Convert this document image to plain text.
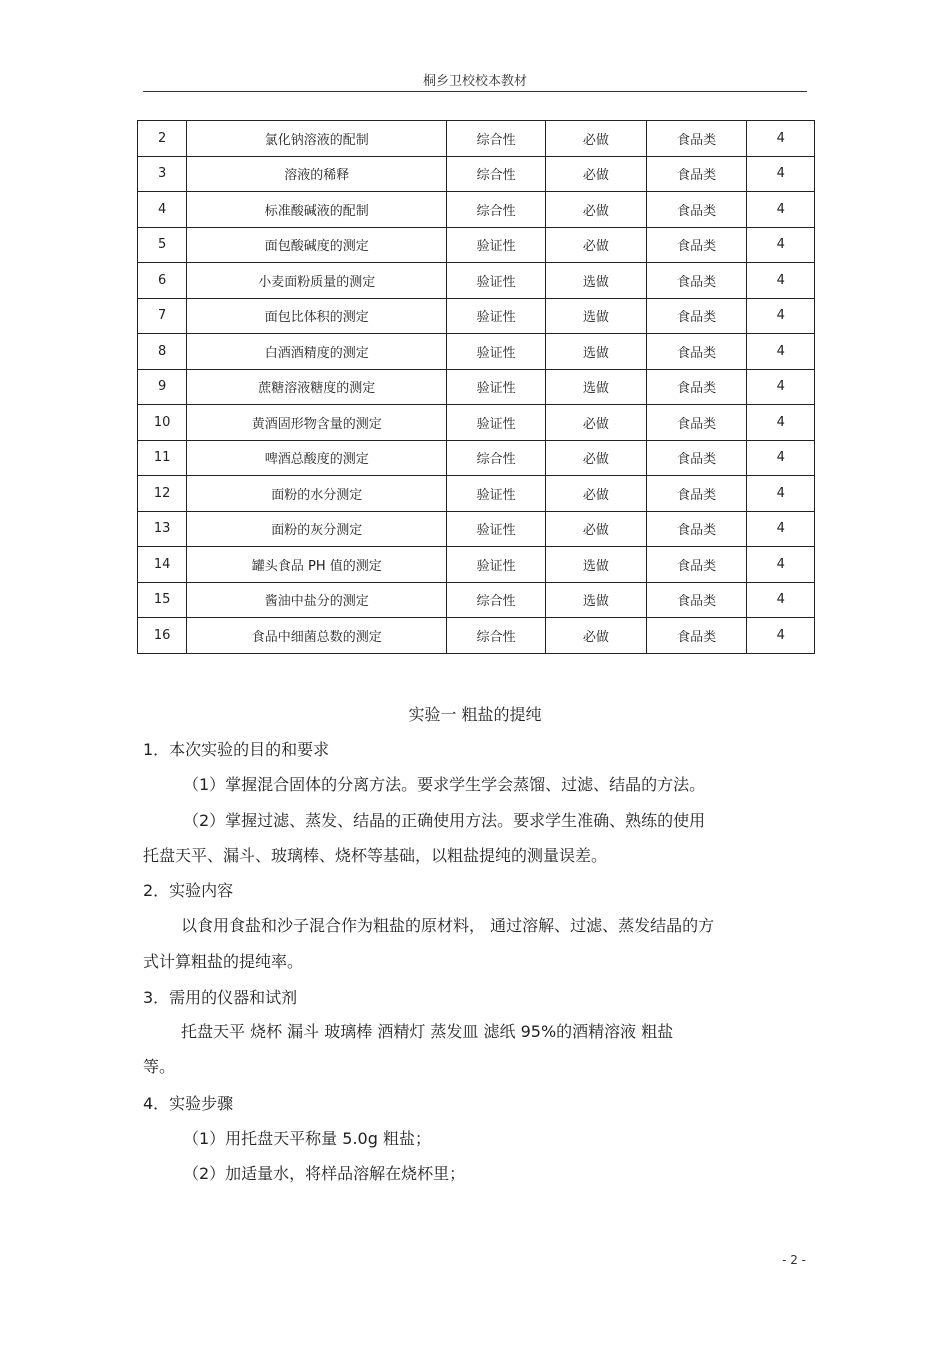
桐乡卫校校本教材
2	氯化钠溶液的配制	综合性	必做	食品类	4
3	溶液的稀释	综合性	必做	食品类	4
4	标准酸碱液的配制	综合性	必做	食品类	4
5	面包酸碱度的测定	验证性	必做	食品类	4
6	小麦面粉质量的测定	验证性	选做	食品类	4
7	面包比体积的测定	验证性	选做	食品类	4
8	白酒酒精度的测定	验证性	选做	食品类	4
9	蔗糖溶液糖度的测定	验证性	选做	食品类	4
10	黄酒固形物含量的测定	验证性	必做	食品类	4
11	啤酒总酸度的测定	综合性	必做	食品类	4
12	面粉的水分测定	验证性	必做	食品类	4
13	面粉的灰分测定	验证性	必做	食品类	4
14	罐头食品 PH 值的测定	验证性	选做	食品类	4
15	酱油中盐分的测定	综合性	选做	食品类	4
16	食品中细菌总数的测定	综合性	必做	食品类	4
实验一 粗盐的提纯
1．本次实验的目的和要求
（1）掌握混合固体的分离方法。要求学生学会蒸馏、过滤、结晶的方法。
（2）掌握过滤、蒸发、结晶的正确使用方法。要求学生准确、熟练的使用
托盘天平、漏斗、玻璃棒、烧杯等基础，以粗盐提纯的测量误差。
2．实验内容
以食用食盐和沙子混合作为粗盐的原材料， 通过溶解、过滤、蒸发结晶的方
式计算粗盐的提纯率。
3．需用的仪器和试剂
托盘天平 烧杯 漏斗 玻璃棒 酒精灯 蒸发皿 滤纸 95%的酒精溶液 粗盐
等。
4．实验步骤
（1）用托盘天平称量 5.0g 粗盐；
（2）加适量水，将样品溶解在烧杯里；
- 2 -
